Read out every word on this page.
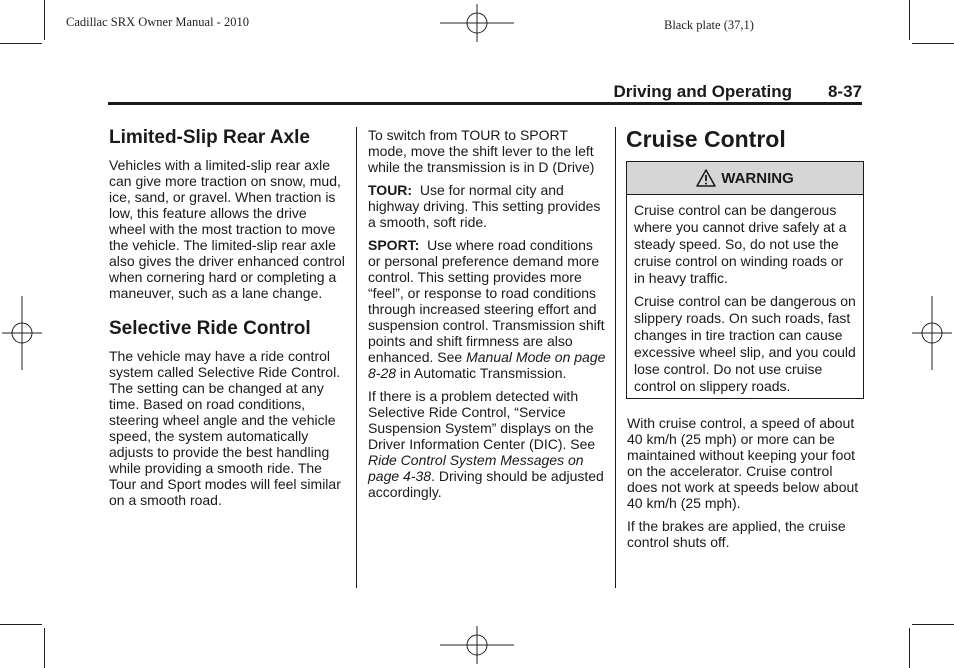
Cadillac SRX Owner Manual - 2010	Black plate (37,1)
Driving and Operating 8-37
Limited-Slip Rear Axle

Vehicles with a limited-slip rear axle can give more traction on snow, mud, ice, sand, or gravel. When traction is low, this feature allows the drive wheel with the most traction to move the vehicle. The limited-slip rear axle also gives the driver enhanced control when cornering hard or completing a maneuver, such as a lane change.

Selective Ride Control

The vehicle may have a ride control system called Selective Ride Control. The setting can be changed at any time. Based on road conditions, steering wheel angle and the vehicle speed, the system automatically adjusts to provide the best handling while providing a smooth ride. The Tour and Sport modes will feel similar on a smooth road.

To switch from TOUR to SPORT mode, move the shift lever to the left while the transmission is in D (Drive)

TOUR: Use for normal city and highway driving. This setting provides a smooth, soft ride.

SPORT: Use where road conditions or personal preference demand more control. This setting provides more “feel”, or response to road conditions through increased steering effort and suspension control. Transmission shift points and shift firmness are also enhanced. See Manual Mode on page 8‑28 in Automatic Transmission.

If there is a problem detected with Selective Ride Control, “Service Suspension System” displays on the Driver Information Center (DIC). See Ride Control System Messages on page 4‑38. Driving should be adjusted accordingly.

Cruise Control
WARNING

Cruise control can be dangerous where you cannot drive safely at a steady speed. So, do not use the cruise control on winding roads or in heavy traffic.

Cruise control can be dangerous on slippery roads. On such roads, fast changes in tire traction can cause excessive wheel slip, and you could lose control. Do not use cruise control on slippery roads.

With cruise control, a speed of about 40 km/h (25 mph) or more can be maintained without keeping your foot on the accelerator. Cruise control does not work at speeds below about 40 km/h (25 mph).

If the brakes are applied, the cruise control shuts off.
